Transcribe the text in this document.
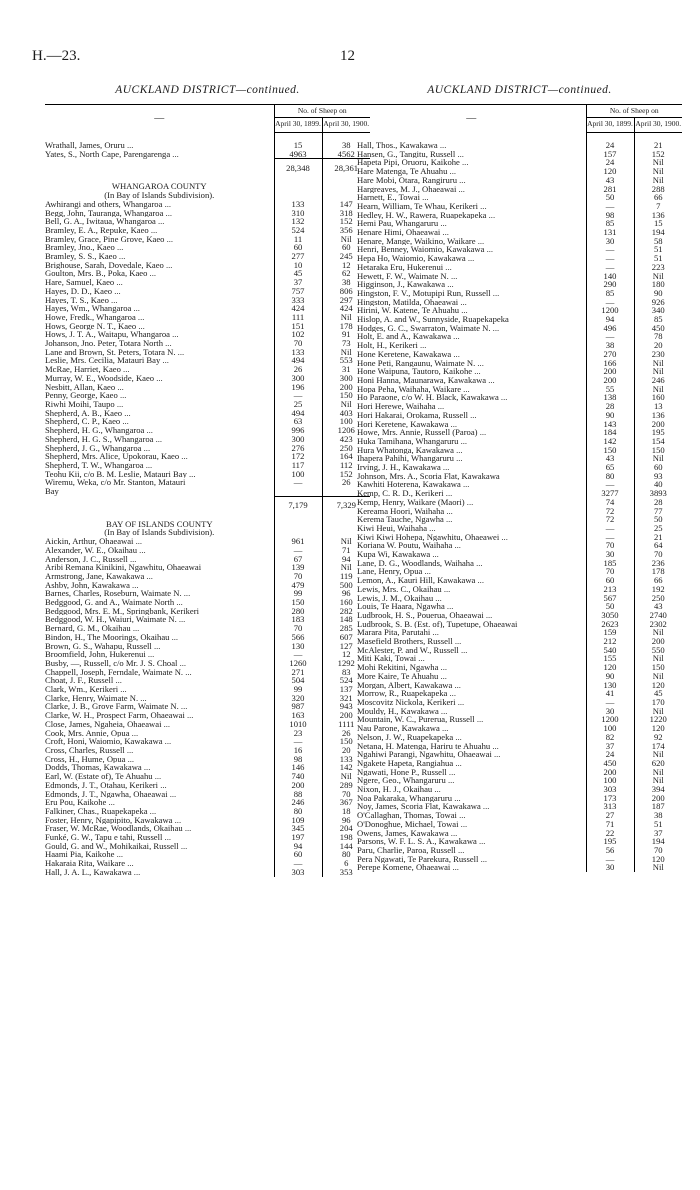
H.—23.	12
AUCKLAND DISTRICT—continued.
—	No. of Sheep on	
	April 30, 1899.	April 30, 1900.

Wrathall, James, Oruru ...	15	38
Yates, S., North Cape, Parengarenga ...	4963	4562
	28,348	28,361

WHANGAROA COUNTY		
(In Bay of Islands Subdivision).		
Awhirangi and others, Whangaroa ...	133	147
Begg, John, Tauranga, Whangaroa ...	310	318
Bell, G. A., Iwitaua, Whangaroa ...	132	152
Bramley, E. A., Repuke, Kaeo ...	524	356
Bramley, Grace, Pine Grove, Kaeo ...	11	Nil
Bramley, Jno., Kaeo ...	60	60
Bramley, S. S., Kaeo ...	277	245
Brighouse, Sarah, Dovedale, Kaeo ...	10	12
Goulton, Mrs. B., Poka, Kaeo ...	45	62
Hare, Samuel, Kaeo ...	37	38
Hayes, D. D., Kaeo ...	757	806
Hayes, T. S., Kaeo ...	333	297
Hayes, Wm., Whangaroa ...	424	424
Howe, Fredk., Whangaroa ...	111	Nil
Hows, George N. T., Kaeo ...	151	178
Hows, J. T. A., Waitapu, Whangaroa ...	102	91
Johanson, Jno. Peter, Totara North ...	70	73
Lane and Brown, St. Peters, Totara N. ...	133	Nil
Leslie, Mrs. Cecilia, Matauri Bay ...	494	553
McRae, Harriet, Kaeo ...	26	31
Murray, W. E., Woodside, Kaeo ...	300	300
Nesbitt, Allan, Kaeo ...	196	200
Penny, George, Kaeo ...	—	150
Riwhi Moihi, Taupo ...	25	Nil
Shepherd, A. B., Kaeo ...	494	403
Shepherd, C. P., Kaeo ...	63	100
Shepherd, H. G., Whangaroa ...	996	1206
Shepherd, H. G. S., Whangaroa ...	300	423
Shepherd, J. G., Whangaroa ...	276	250
Shepherd, Mrs. Alice, Upokorau, Kaeo ...	172	164
Shepherd, T. W., Whangaroa ...	117	112
Teohu Kii, c/o B. M. Leslie, Matauri Bay ...	100	152
Wiremu, Weka, c/o Mr. Stanton, Matauri	—	26
Bay		
	7,179	7,329

BAY OF ISLANDS COUNTY		
(In Bay of Islands Subdivision).		
Aickin, Arthur, Ohaeawai ...	961	Nil
Alexander, W. E., Okaihau ...	—	71
Anderson, J. C., Russell ...	67	94
Aribi Remana Kinikini, Ngawhitu, Ohaeawai	139	Nil
Armstrong, Jane, Kawakawa ...	70	119
Ashby, John, Kawakawa ...	479	500
Barnes, Charles, Roseburn, Waimate N. ...	99	96
Bedggood, G. and A., Waimate North ...	150	160
Bedggood, Mrs. E. M., Springbank, Kerikeri	280	282
Bedggood, W. H., Waiuri, Waimate N. ...	183	148
Bernard, G. M., Okaihau ...	70	285
Bindon, H., The Moorings, Okaihau ...	566	607
Brown, G. S., Wahapu, Russell ...	130	127
Broomfield, John, Hukerenui ...	—	12
Busby, —, Russell, c/o Mr. J. S. Choal ...	1260	1292
Chappell, Joseph, Ferndale, Waimate N. ...	271	83
Choat, J. F., Russell ...	504	524
Clark, Wm., Kerikeri ...	99	137
Clarke, Henry, Waimate N. ...	320	321
Clarke, J. B., Grove Farm, Waimate N. ...	987	943
Clarke, W. H., Prospect Farm, Ohaeawai ...	163	200
Close, James, Ngaheia, Ohaeawai ...	1010	1111
Cook, Mrs. Annie, Opua ...	23	26
Croft, Honi, Waiomio, Kawakawa ...	—	150
Cross, Charles, Russell ...	16	20
Cross, H., Hume, Opua ...	98	133
Dodds, Thomas, Kawakawa ...	146	142
Earl, W. (Estate of), Te Ahuahu ...	740	Nil
Edmonds, J. T., Otahau, Kerikeri ...	200	289
Edmonds, J. T., Ngawha, Ohaeawai ...	88	70
Eru Pou, Kaikohe ...	246	367
Falkiner, Chas., Ruapekapeka ...	80	18
Foster, Henry, Ngapipito, Kawakawa ...	109	96
Fraser, W. McRae, Woodlands, Okaihau ...	345	204
Funké, G. W., Tapu e tahi, Russell ...	197	198
Gould, G. and W., Mohikaikai, Russell ...	94	144
Haami Pia, Kaikohe ...	60	80
Hakaraia Rita, Waikare ...	—	6
Hall, J. A. L., Kawakawa ...	303	353
AUCKLAND DISTRICT—continued.
—	No. of Sheep on	
	April 30, 1899.	April 30, 1900.

Hall, Thos., Kawakawa ...	24	21
Hansen, G., Tangitu, Russell ...	157	152
Hapeta Pipi, Oruoru, Kaikohe ...	24	Nil
Hare Matenga, Te Ahuahu ...	120	Nil
Hare Mobi, Otara, Rangiruru ...	43	Nil
Hargreaves, M. J., Ohaeawai ...	281	288
Harnett, E., Towai ...	50	66
Hearn, William, Te Whau, Kerikeri ...	—	7
Hedley, H. W., Rawera, Ruapekapeka ...	98	136
Hemi Pau, Whangaruru ...	85	15
Henare Himi, Ohaeawai ...	131	194
Henare, Mange, Waikino, Waikare ...	30	58
Henri, Benney, Waiomio, Kawakawa ...	—	51
Hepa Ho, Waiomio, Kawakawa ...	—	51
Hetaraka Eru, Hukerenui ...	—	223
Hewett, F. W., Waimate N. ...	140	Nil
Higginson, J., Kawakawa ...	290	180
Hingston, F. V., Motupipi Run, Russell ...	85	90
Hingston, Matilda, Ohaeawai ...	—	926
Hirini, W. Katene, Te Ahuahu ...	1200	340
Hislop, A. and W., Sunnyside, Ruapekapeka	94	85
Hodges, G. C., Swarraton, Waimate N. ...	496	450
Holt, E. and A., Kawakawa ...	—	78
Holt, H., Kerikeri ...	38	20
Hone Keretene, Kawakawa ...	270	230
Hone Peti, Rangaunu, Waimate N. ...	166	Nil
Hone Waipuna, Tautoro, Kaikohe ...	200	Nil
Honi Hanna, Maunarawa, Kawakawa ...	200	246
Hopa Peha, Waihaha, Waikare ...	55	Nil
Ho Paraone, c/o W. H. Black, Kawakawa ...	138	160
Hori Herewe, Waihaha ...	28	13
Hori Hakarai, Orokama, Russell ...	90	136
Hori Keretene, Kawakawa ...	143	200
Howe, Mrs. Annie, Russell (Paroa) ...	184	195
Huka Tamihana, Whangaruru ...	142	154
Hura Whatonga, Kawakawa ...	150	150
Ihapera Pahihi, Whangaruru ...	43	Nil
Irving, J. H., Kawakawa ...	65	60
Johnson, Mrs. A., Scoria Flat, Kawakawa	80	93
Kawhiti Hoterena, Kawakawa ...	—	40
Kemp, C. R. D., Kerikeri ...	3277	3893
Kemp, Henry, Waikare (Maori) ...	74	28
Kereama Hoori, Waihaha ...	72	77
Kerema Tauche, Ngawha ...	72	50
Kiwi Heui, Waihaha ...	—	25
Kiwi Kiwi Hohepa, Ngawhitu, Ohaeawei ...	—	21
Koriana W. Poutu, Waihaha ...	70	64
Kupa Wi, Kawakawa ...	30	70
Lane, D. G., Woodlands, Waihaha ...	185	236
Lane, Henry, Opua ...	70	178
Lemon, A., Kauri Hill, Kawakawa ...	60	66
Lewis, Mrs. C., Okaihau ...	213	192
Lewis, J. M., Okaihau ...	567	250
Louis, Te Haara, Ngawha ...	50	43
Ludbrook, H. S., Pouerua, Ohaeawai ...	3050	2740
Ludbrook, S. B. (Est. of), Tupetupe, Ohaeawai	2623	2302
Marara Pita, Parutahi ...	159	Nil
Masefield Brothers, Russell ...	212	200
McAlester, P. and W., Russell ...	540	550
Miti Kaki, Towai ...	155	Nil
Mohi Rekitini, Ngawha ...	120	150
More Kaire, Te Ahuahu ...	90	Nil
Morgan, Albert, Kawakawa ...	130	120
Morrow, R., Ruapekapeka ...	41	45
Moscovitz Nickola, Kerikeri ...	—	170
Mouldy, H., Kawakawa ...	30	Nil
Mountain, W. C., Purerua, Russell ...	1200	1220
Nau Parone, Kawakawa ...	100	120
Nelson, J. W., Ruapekapeka ...	82	92
Netana, H. Matenga, Hariru te Ahuahu ...	37	174
Ngahiwi Parangi, Ngawhitu, Ohaeawai ...	24	Nil
Ngakete Hapeta, Rangiahua ...	450	620
Ngawati, Hone P., Russell ...	200	Nil
Ngere, Geo., Whangaruru ...	100	Nil
Nixon, H. J., Okaihau ...	303	394
Noa Pakaraka, Whangaruru ...	173	200
Noy, James, Scoria Flat, Kawakawa ...	313	187
O'Callaghan, Thomas, Towai ...	27	38
O'Donoghue, Michael, Towai ...	71	51
Owens, James, Kawakawa ...	22	37
Parsons, W. F. L. S. A., Kawakawa ...	195	194
Paru, Charlie, Paroa, Russell ...	56	70
Pera Ngawati, Te Parekura, Russell ...	—	120
Perepe Komene, Ohaeawai ...	30	Nil
